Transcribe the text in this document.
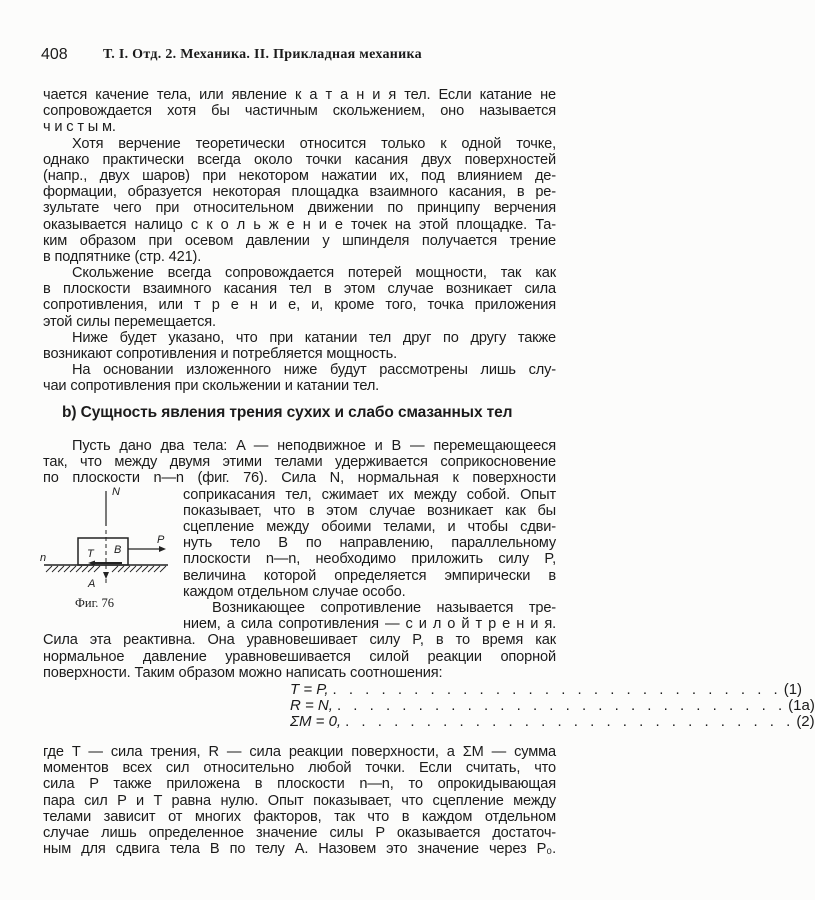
408	Т. I. Отд. 2. Механика. II. Прикладная механика
чается качение тела, или явление к а т а н и я тел. Если катание не
сопровождается хотя бы частичным скольжением, оно называется
ч и с т ы м.
Хотя верчение теоретически относится только к одной точке,
однако практически всегда около точки касания двух поверхностей
(напр., двух шаров) при некотором нажатии их, под влиянием де-
формации, образуется некоторая площадка взаимного касания, в ре-
зультате чего при относительном движении по принципу верчения
оказывается налицо с к о л ь ж е н и е точек на этой площадке. Та-
ким образом при осевом давлении у шпинделя получается трение
в подпятнике (стр. 421).
Скольжение всегда сопровождается потерей мощности, так как
в плоскости взаимного касания тел в этом случае возникает сила
сопротивления, или т р е н и е, и, кроме того, точка приложения
этой силы перемещается.
Ниже будет указано, что при катании тел друг по другу также
возникают сопротивления и потребляется мощность.
На основании изложенного ниже будут рассмотрены лишь слу-
чаи сопротивления при скольжении и катании тел.
b) Сущность явления трения сухих и слабо смазанных тел
Пусть дано два тела: A — неподвижное и B — перемещающееся
так, что между двумя этими телами удерживается соприкосновение
по плоскости n—n (фиг. 76). Сила N, нормальная к поверхности
соприкасания тел, сжимает их между собой. Опыт
показывает, что в этом случае возникает как бы
сцепление между обоими телами, и чтобы сдви-
нуть тело B по направлению, параллельному
плоскости n—n, необходимо приложить силу P,
величина которой определяется эмпирически в
каждом отдельном случае особо.
Возникающее сопротивление называется тре-
нием, а сила сопротивления — с и л о й т р е н и я.
Сила эта реактивна. Она уравновешивает силу P, в то время как
нормальное давление уравновешивается силой реакции опорной
поверхности. Таким образом можно написать соотношения:
T = P, . . . . . . . . . . . . . . . . . . . . . . . . . . . . (1)
R = N, . . . . . . . . . . . . . . . . . . . . . . . . . . . . (1a)
ΣM = 0, . . . . . . . . . . . . . . . . . . . . . . . . . . . . (2)
где T — сила трения, R — сила реакции поверхности, а ΣM — сумма
моментов всех сил относительно любой точки. Если считать, что
сила P также приложена в плоскости n—n, то опрокидывающая
пара сил P и T равна нулю. Опыт показывает, что сцепление между
телами зависит от многих факторов, так что в каждом отдельном
случае лишь определенное значение силы P оказывается достаточ-
ным для сдвига тела B по телу A. Назовем это значение через P₀.
N
P
B
T
n
A
Фиг. 76
